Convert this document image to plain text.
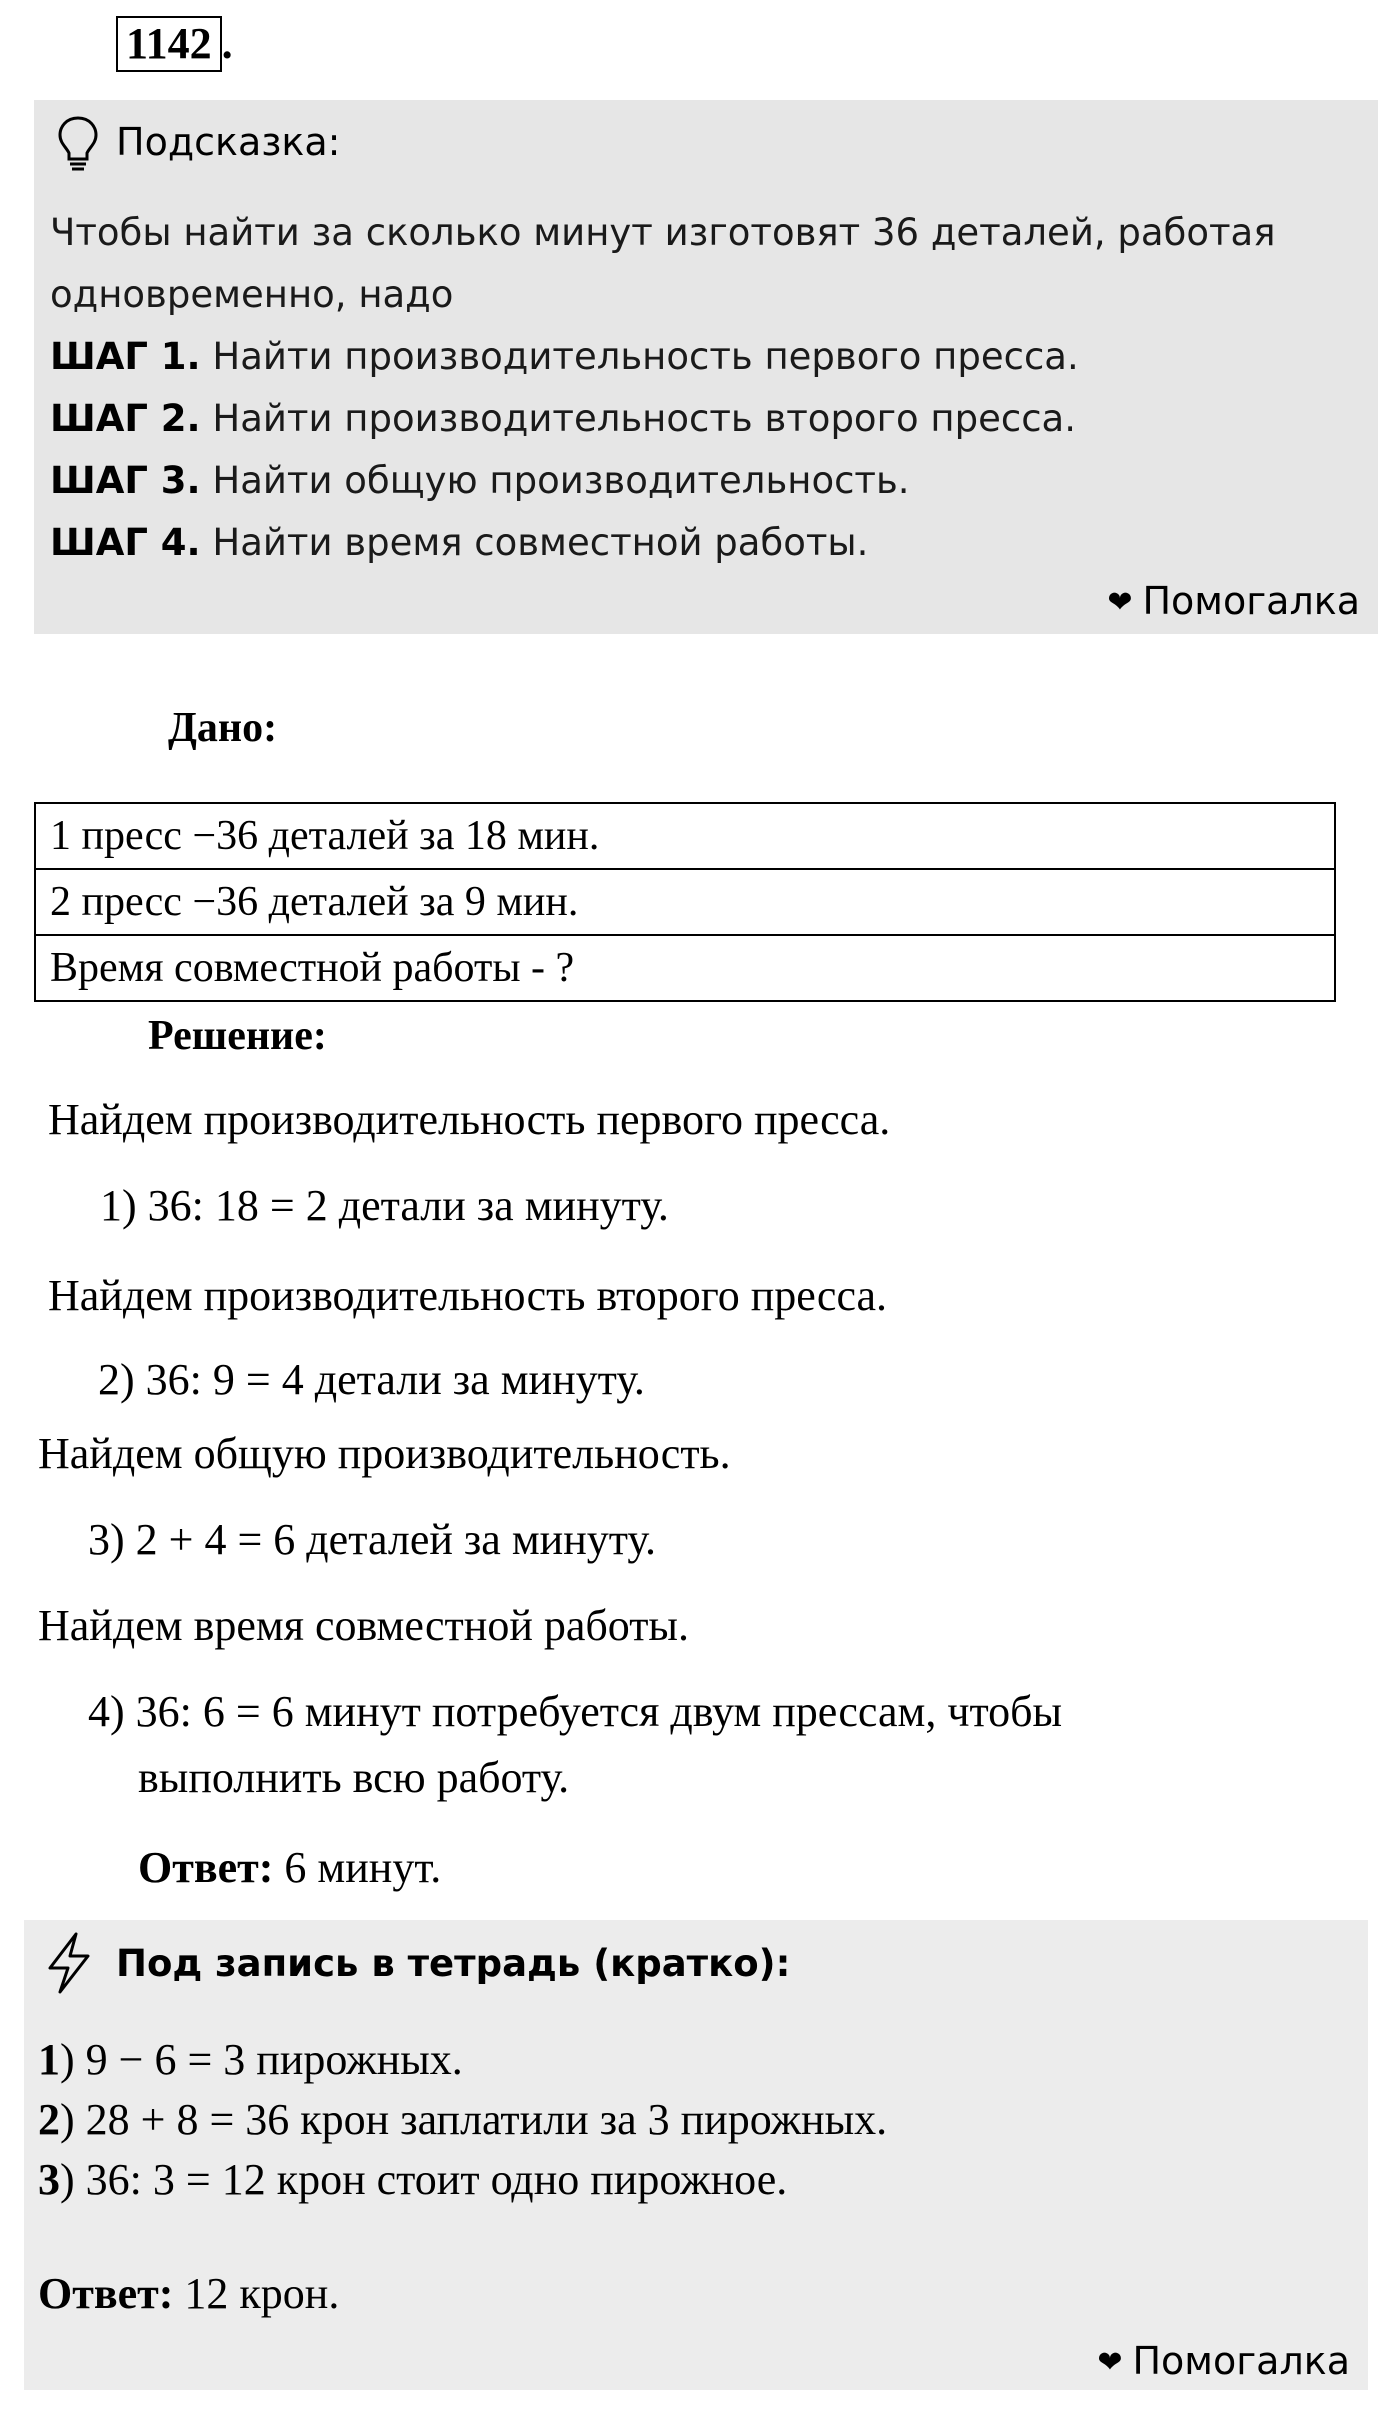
1142 .
Подсказка:
Чтобы найти за сколько минут изготовят 36 деталей, работая одновременно, надо
ШАГ 1. Найти производительность первого пресса.
ШАГ 2. Найти производительность второго пресса.
ШАГ 3. Найти общую производительность.
ШАГ 4. Найти время совместной работы.
❤ Помогалка
Дано:
1 пресс −36 деталей за 18 мин.
2 пресс −36 деталей за 9 мин.
Время совместной работы - ?
Решение:
Найдем производительность первого пресса.
1) 36: 18 = 2 детали за минуту.
Найдем производительность второго пресса.
2) 36: 9 = 4 детали за минуту.
Найдем общую производительность.
3) 2 + 4 = 6 деталей за минуту.
Найдем время совместной работы.
4) 36: 6 = 6 минут потребуется двум прессам, чтобы
выполнить всю работу.
Ответ: 6 минут.
Под запись в тетрадь (кратко):
1) 9 − 6 = 3 пирожных.
2) 28 + 8 = 36 крон заплатили за 3 пирожных.
3) 36: 3 = 12 крон стоит одно пирожное.
Ответ: 12 крон.
❤ Помогалка
